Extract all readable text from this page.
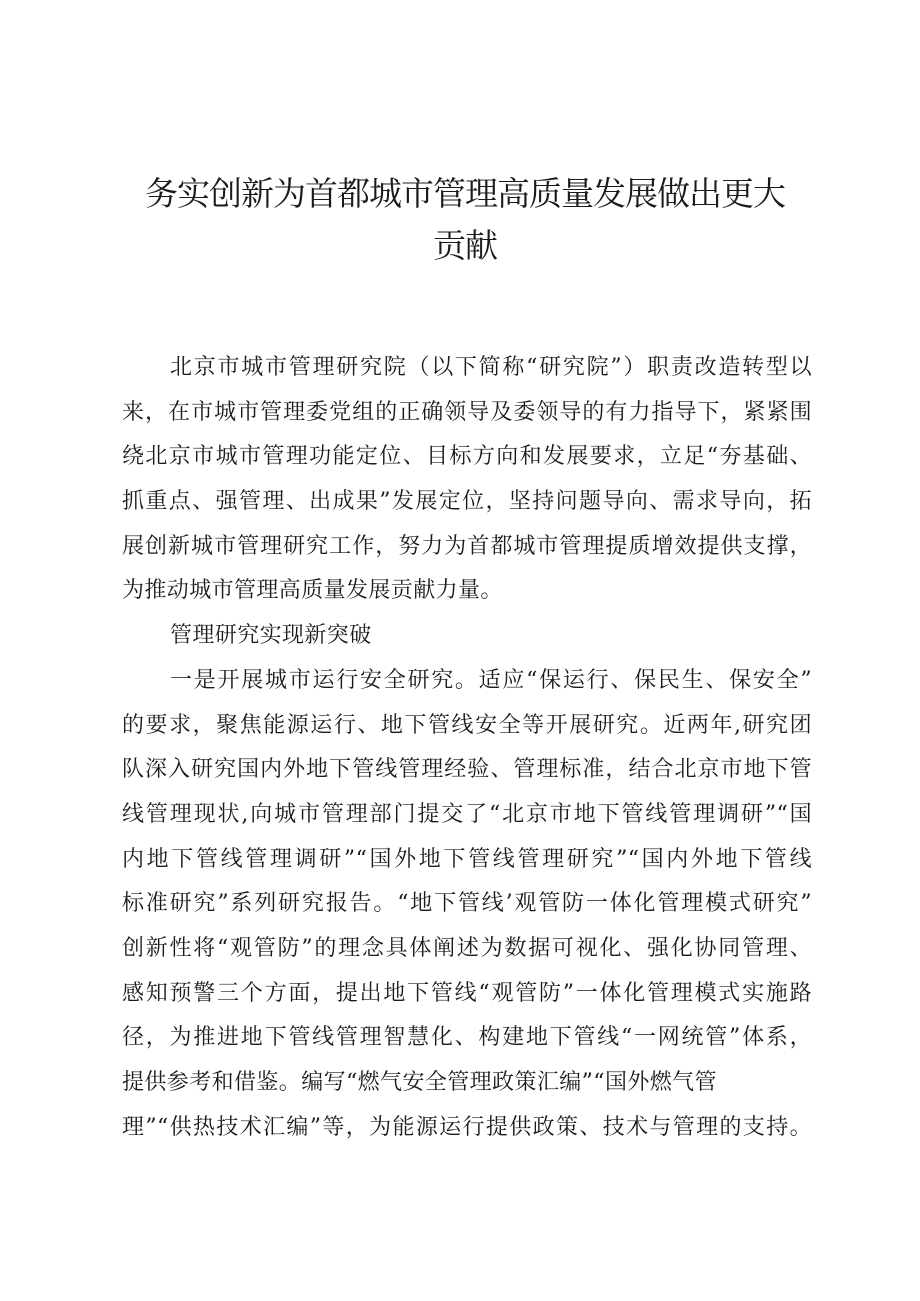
务实创新为首都城市管理高质量发展做出更大
贡献
北京市城市管理研究院（以下简称“研究院”）职责改造转型以
来，在市城市管理委党组的正确领导及委领导的有力指导下，紧紧围
绕北京市城市管理功能定位、目标方向和发展要求，立足“夯基础、
抓重点、强管理、出成果”发展定位，坚持问题导向、需求导向，拓
展创新城市管理研究工作，努力为首都城市管理提质增效提供支撑，
为推动城市管理高质量发展贡献力量。
管理研究实现新突破
一是开展城市运行安全研究。适应“保运行、保民生、保安全”
的要求，聚焦能源运行、地下管线安全等开展研究。近两年,研究团
队深入研究国内外地下管线管理经验、管理标准，结合北京市地下管
线管理现状,向城市管理部门提交了“北京市地下管线管理调研”“国
内地下管线管理调研”“国外地下管线管理研究”“国内外地下管线
标准研究”系列研究报告。“地下管线’观管防一体化管理模式研究”
创新性将“观管防”的理念具体阐述为数据可视化、强化协同管理、
感知预警三个方面，提出地下管线“观管防”一体化管理模式实施路
径，为推进地下管线管理智慧化、构建地下管线“一网统管”体系，
提供参考和借鉴。编写“燃气安全管理政策汇编”“国外燃气管
理”“供热技术汇编”等，为能源运行提供政策、技术与管理的支持。
